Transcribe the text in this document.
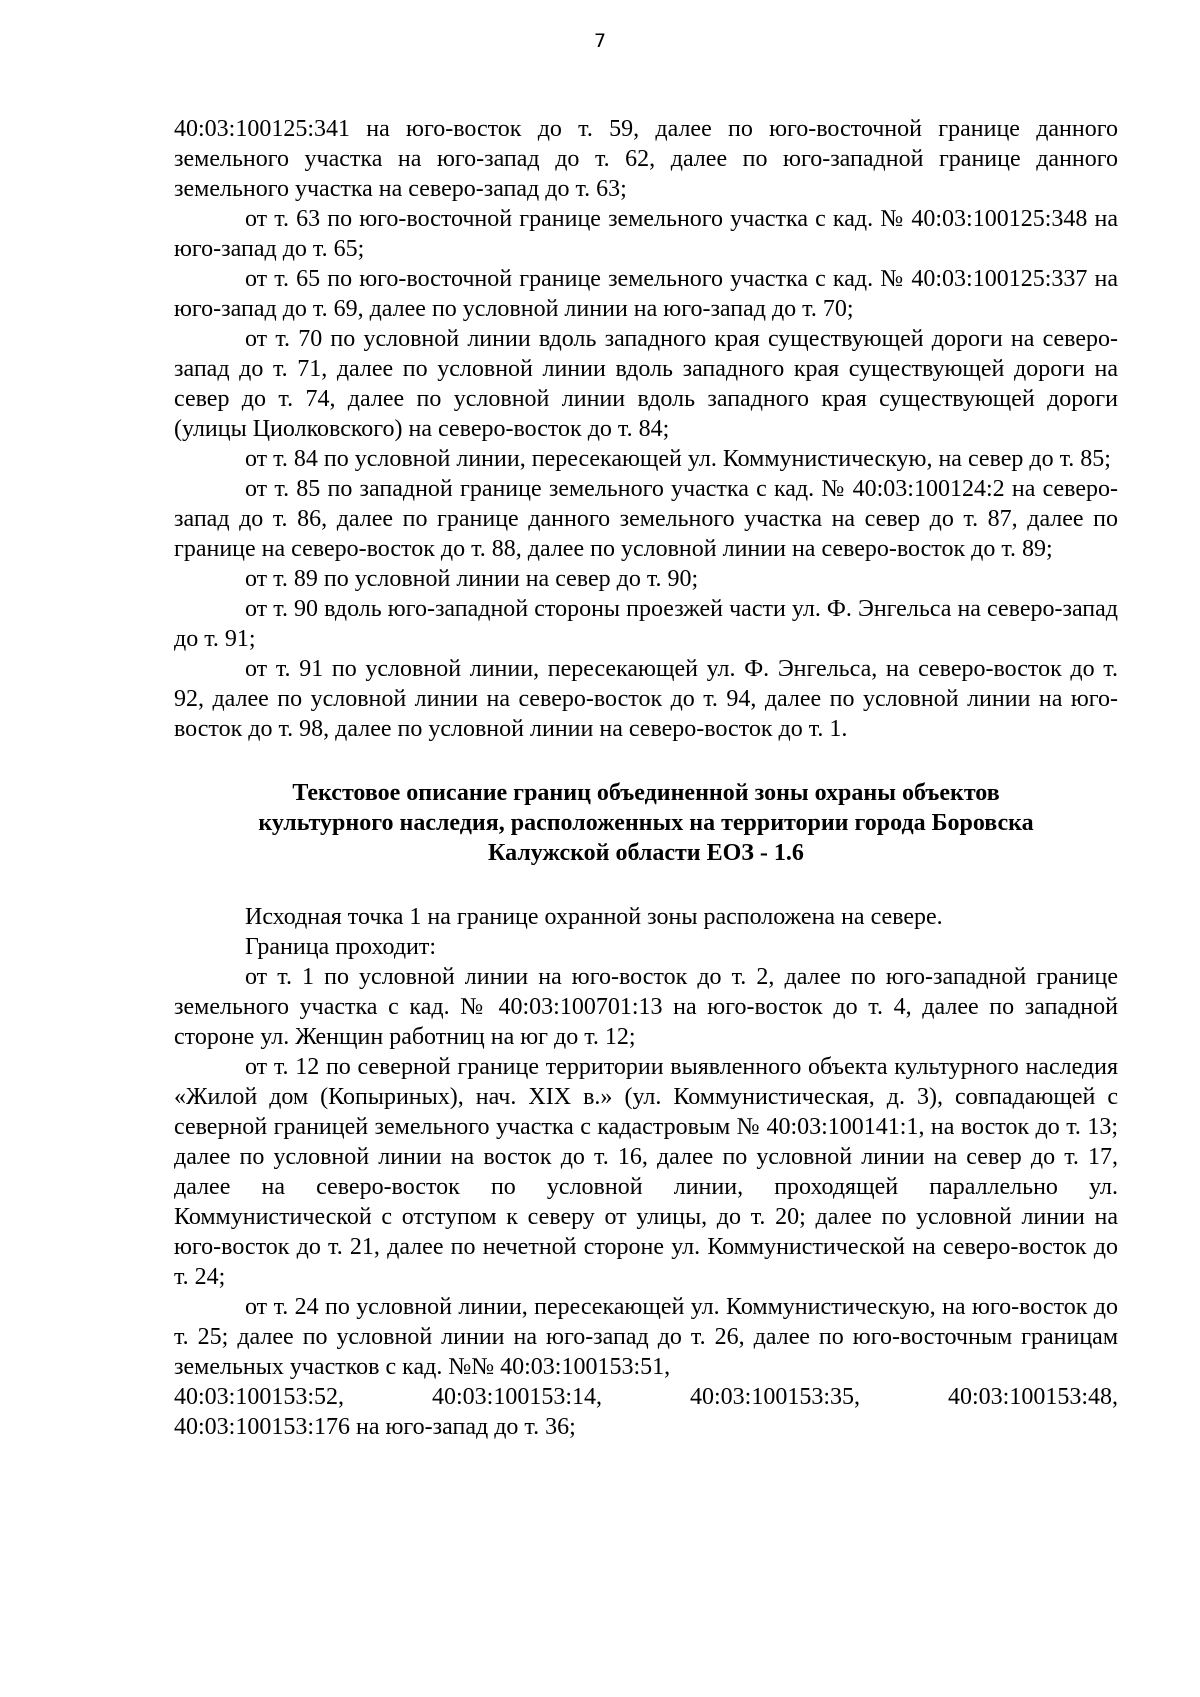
7

40:03:100125:341 на юго-восток до т. 59, далее по юго-восточной границе данного земельного участка на юго-запад до т. 62, далее по юго-западной границе данного земельного участка на северо-запад до т. 63;

от т. 63 по юго-восточной границе земельного участка с кад. № 40:03:100125:348 на юго-запад до т. 65;

от т. 65 по юго-восточной границе земельного участка с кад. № 40:03:100125:337 на юго-запад до т. 69, далее по условной линии на юго-запад до т. 70;

от т. 70 по условной линии вдоль западного края существующей дороги на северо-запад до т. 71, далее по условной линии вдоль западного края существующей дороги на север до т. 74, далее по условной линии вдоль западного края существующей дороги (улицы Циолковского) на северо-восток до т. 84;

от т. 84 по условной линии, пересекающей ул. Коммунистическую, на север до т. 85;

от т. 85 по западной границе земельного участка с кад. № 40:03:100124:2 на северо-запад до т. 86, далее по границе данного земельного участка на север до т. 87, далее по границе на северо-восток до т. 88, далее по условной линии на северо-восток до т. 89;

от т. 89 по условной линии на север до т. 90;

от т. 90 вдоль юго-западной стороны проезжей части ул. Ф. Энгельса на северо-запад до т. 91;

от т. 91 по условной линии, пересекающей ул. Ф. Энгельса, на северо-восток до т. 92, далее по условной линии на северо-восток до т. 94, далее по условной линии на юго-восток до т. 98, далее по условной линии на северо-восток до т. 1.

Текстовое описание границ объединенной зоны охраны объектов
культурного наследия, расположенных на территории города Боровска
Калужской области ЕОЗ - 1.6

Исходная точка 1 на границе охранной зоны расположена на севере.

Граница проходит:

от т. 1 по условной линии на юго-восток до т. 2, далее по юго-западной границе земельного участка с кад. № 40:03:100701:13 на юго-восток до т. 4, далее по западной стороне ул. Женщин работниц на юг до т. 12;

от т. 12 по северной границе территории выявленного объекта культурного наследия «Жилой дом (Копыриных), нач. XIX в.» (ул. Коммунистическая, д. 3), совпадающей с северной границей земельного участка с кадастровым № 40:03:100141:1, на восток до т. 13; далее по условной линии на восток до т. 16, далее по условной линии на север до т. 17, далее на северо-восток по условной линии, проходящей параллельно ул. Коммунистической с отступом к северу от улицы, до т. 20; далее по условной линии на юго-восток до т. 21, далее по нечетной стороне ул. Коммунистической на северо-восток до т. 24;

от т. 24 по условной линии, пересекающей ул. Коммунистическую, на юго-восток до т. 25; далее по условной линии на юго-запад до т. 26, далее по юго-восточным границам земельных участков с кад. №№ 40:03:100153:51,

40:03:100153:52, 40:03:100153:14, 40:03:100153:35, 40:03:100153:48,

40:03:100153:176 на юго-запад до т. 36;
